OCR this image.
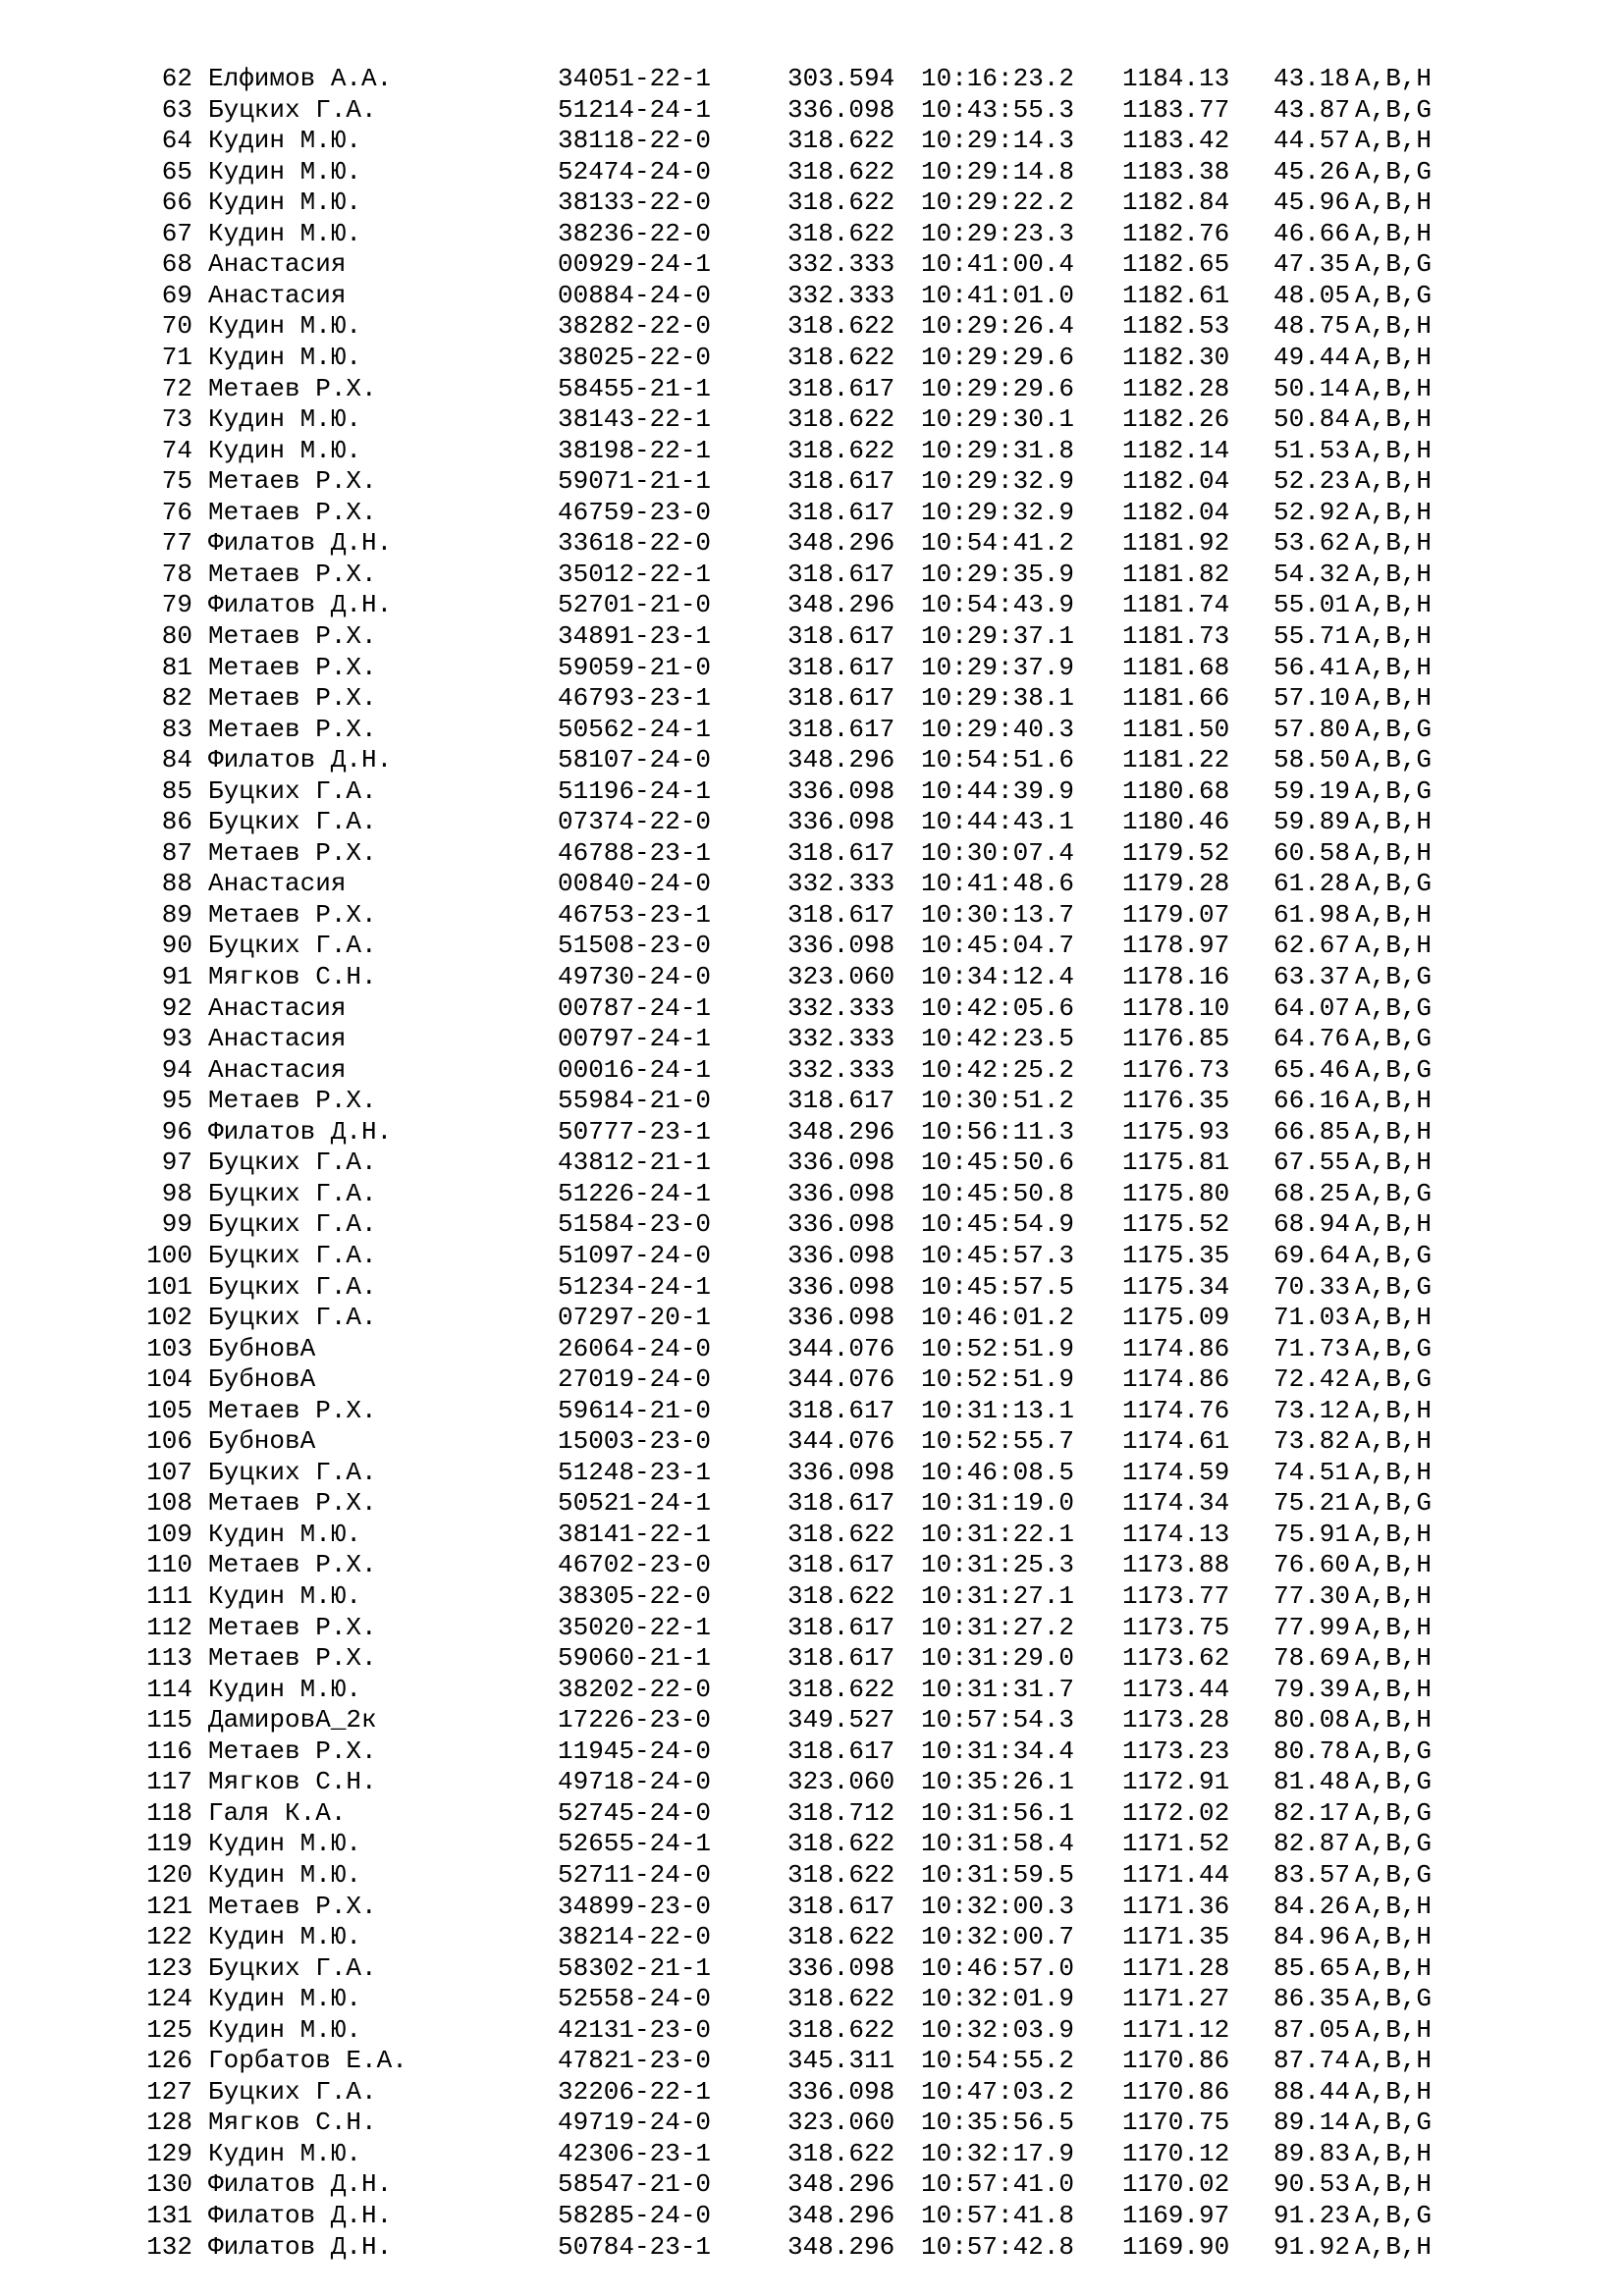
62 Елфимов А.А.	34051-22-1	303.594 10:16:23.2 1184.13 43.18 A,B,H
63 Буцких Г.А.	51214-24-1	336.098 10:43:55.3 1183.77 43.87 A,B,G
64 Кудин М.Ю.	38118-22-0	318.622 10:29:14.3 1183.42 44.57 A,B,H
65 Кудин М.Ю.	52474-24-0	318.622 10:29:14.8 1183.38 45.26 A,B,G
66 Кудин М.Ю.	38133-22-0	318.622 10:29:22.2 1182.84 45.96 A,B,H
67 Кудин М.Ю.	38236-22-0	318.622 10:29:23.3 1182.76 46.66 A,B,H
68 Анастасия	00929-24-1	332.333 10:41:00.4 1182.65 47.35 A,B,G
69 Анастасия	00884-24-0	332.333 10:41:01.0 1182.61 48.05 A,B,G
70 Кудин М.Ю.	38282-22-0	318.622 10:29:26.4 1182.53 48.75 A,B,H
71 Кудин М.Ю.	38025-22-0	318.622 10:29:29.6 1182.30 49.44 A,B,H
72 Метаев Р.Х.	58455-21-1	318.617 10:29:29.6 1182.28 50.14 A,B,H
73 Кудин М.Ю.	38143-22-1	318.622 10:29:30.1 1182.26 50.84 A,B,H
74 Кудин М.Ю.	38198-22-1	318.622 10:29:31.8 1182.14 51.53 A,B,H
75 Метаев Р.Х.	59071-21-1	318.617 10:29:32.9 1182.04 52.23 A,B,H
76 Метаев Р.Х.	46759-23-0	318.617 10:29:32.9 1182.04 52.92 A,B,H
77 Филатов Д.Н.	33618-22-0	348.296 10:54:41.2 1181.92 53.62 A,B,H
78 Метаев Р.Х.	35012-22-1	318.617 10:29:35.9 1181.82 54.32 A,B,H
79 Филатов Д.Н.	52701-21-0	348.296 10:54:43.9 1181.74 55.01 A,B,H
80 Метаев Р.Х.	34891-23-1	318.617 10:29:37.1 1181.73 55.71 A,B,H
81 Метаев Р.Х.	59059-21-0	318.617 10:29:37.9 1181.68 56.41 A,B,H
82 Метаев Р.Х.	46793-23-1	318.617 10:29:38.1 1181.66 57.10 A,B,H
83 Метаев Р.Х.	50562-24-1	318.617 10:29:40.3 1181.50 57.80 A,B,G
84 Филатов Д.Н.	58107-24-0	348.296 10:54:51.6 1181.22 58.50 A,B,G
85 Буцких Г.А.	51196-24-1	336.098 10:44:39.9 1180.68 59.19 A,B,G
86 Буцких Г.А.	07374-22-0	336.098 10:44:43.1 1180.46 59.89 A,B,H
87 Метаев Р.Х.	46788-23-1	318.617 10:30:07.4 1179.52 60.58 A,B,H
88 Анастасия	00840-24-0	332.333 10:41:48.6 1179.28 61.28 A,B,G
89 Метаев Р.Х.	46753-23-1	318.617 10:30:13.7 1179.07 61.98 A,B,H
90 Буцких Г.А.	51508-23-0	336.098 10:45:04.7 1178.97 62.67 A,B,H
91 Мягков С.Н.	49730-24-0	323.060 10:34:12.4 1178.16 63.37 A,B,G
92 Анастасия	00787-24-1	332.333 10:42:05.6 1178.10 64.07 A,B,G
93 Анастасия	00797-24-1	332.333 10:42:23.5 1176.85 64.76 A,B,G
94 Анастасия	00016-24-1	332.333 10:42:25.2 1176.73 65.46 A,B,G
95 Метаев Р.Х.	55984-21-0	318.617 10:30:51.2 1176.35 66.16 A,B,H
96 Филатов Д.Н.	50777-23-1	348.296 10:56:11.3 1175.93 66.85 A,B,H
97 Буцких Г.А.	43812-21-1	336.098 10:45:50.6 1175.81 67.55 A,B,H
98 Буцких Г.А.	51226-24-1	336.098 10:45:50.8 1175.80 68.25 A,B,G
99 Буцких Г.А.	51584-23-0	336.098 10:45:54.9 1175.52 68.94 A,B,H
100 Буцких Г.А.	51097-24-0	336.098 10:45:57.3 1175.35 69.64 A,B,G
101 Буцких Г.А.	51234-24-1	336.098 10:45:57.5 1175.34 70.33 A,B,G
102 Буцких Г.А.	07297-20-1	336.098 10:46:01.2 1175.09 71.03 A,B,H
103 БубновА	26064-24-0	344.076 10:52:51.9 1174.86 71.73 A,B,G
104 БубновА	27019-24-0	344.076 10:52:51.9 1174.86 72.42 A,B,G
105 Метаев Р.Х.	59614-21-0	318.617 10:31:13.1 1174.76 73.12 A,B,H
106 БубновА	15003-23-0	344.076 10:52:55.7 1174.61 73.82 A,B,H
107 Буцких Г.А.	51248-23-1	336.098 10:46:08.5 1174.59 74.51 A,B,H
108 Метаев Р.Х.	50521-24-1	318.617 10:31:19.0 1174.34 75.21 A,B,G
109 Кудин М.Ю.	38141-22-1	318.622 10:31:22.1 1174.13 75.91 A,B,H
110 Метаев Р.Х.	46702-23-0	318.617 10:31:25.3 1173.88 76.60 A,B,H
111 Кудин М.Ю.	38305-22-0	318.622 10:31:27.1 1173.77 77.30 A,B,H
112 Метаев Р.Х.	35020-22-1	318.617 10:31:27.2 1173.75 77.99 A,B,H
113 Метаев Р.Х.	59060-21-1	318.617 10:31:29.0 1173.62 78.69 A,B,H
114 Кудин М.Ю.	38202-22-0	318.622 10:31:31.7 1173.44 79.39 A,B,H
115 ДамировА_2к	17226-23-0	349.527 10:57:54.3 1173.28 80.08 A,B,H
116 Метаев Р.Х.	11945-24-0	318.617 10:31:34.4 1173.23 80.78 A,B,G
117 Мягков С.Н.	49718-24-0	323.060 10:35:26.1 1172.91 81.48 A,B,G
118 Галя К.А.	52745-24-0	318.712 10:31:56.1 1172.02 82.17 A,B,G
119 Кудин М.Ю.	52655-24-1	318.622 10:31:58.4 1171.52 82.87 A,B,G
120 Кудин М.Ю.	52711-24-0	318.622 10:31:59.5 1171.44 83.57 A,B,G
121 Метаев Р.Х.	34899-23-0	318.617 10:32:00.3 1171.36 84.26 A,B,H
122 Кудин М.Ю.	38214-22-0	318.622 10:32:00.7 1171.35 84.96 A,B,H
123 Буцких Г.А.	58302-21-1	336.098 10:46:57.0 1171.28 85.65 A,B,H
124 Кудин М.Ю.	52558-24-0	318.622 10:32:01.9 1171.27 86.35 A,B,G
125 Кудин М.Ю.	42131-23-0	318.622 10:32:03.9 1171.12 87.05 A,B,H
126 Горбатов Е.А.	47821-23-0	345.311 10:54:55.2 1170.86 87.74 A,B,H
127 Буцких Г.А.	32206-22-1	336.098 10:47:03.2 1170.86 88.44 A,B,H
128 Мягков С.Н.	49719-24-0	323.060 10:35:56.5 1170.75 89.14 A,B,G
129 Кудин М.Ю.	42306-23-1	318.622 10:32:17.9 1170.12 89.83 A,B,H
130 Филатов Д.Н.	58547-21-0	348.296 10:57:41.0 1170.02 90.53 A,B,H
131 Филатов Д.Н.	58285-24-0	348.296 10:57:41.8 1169.97 91.23 A,B,G
132 Филатов Д.Н.	50784-23-1	348.296 10:57:42.8 1169.90 91.92 A,B,H
